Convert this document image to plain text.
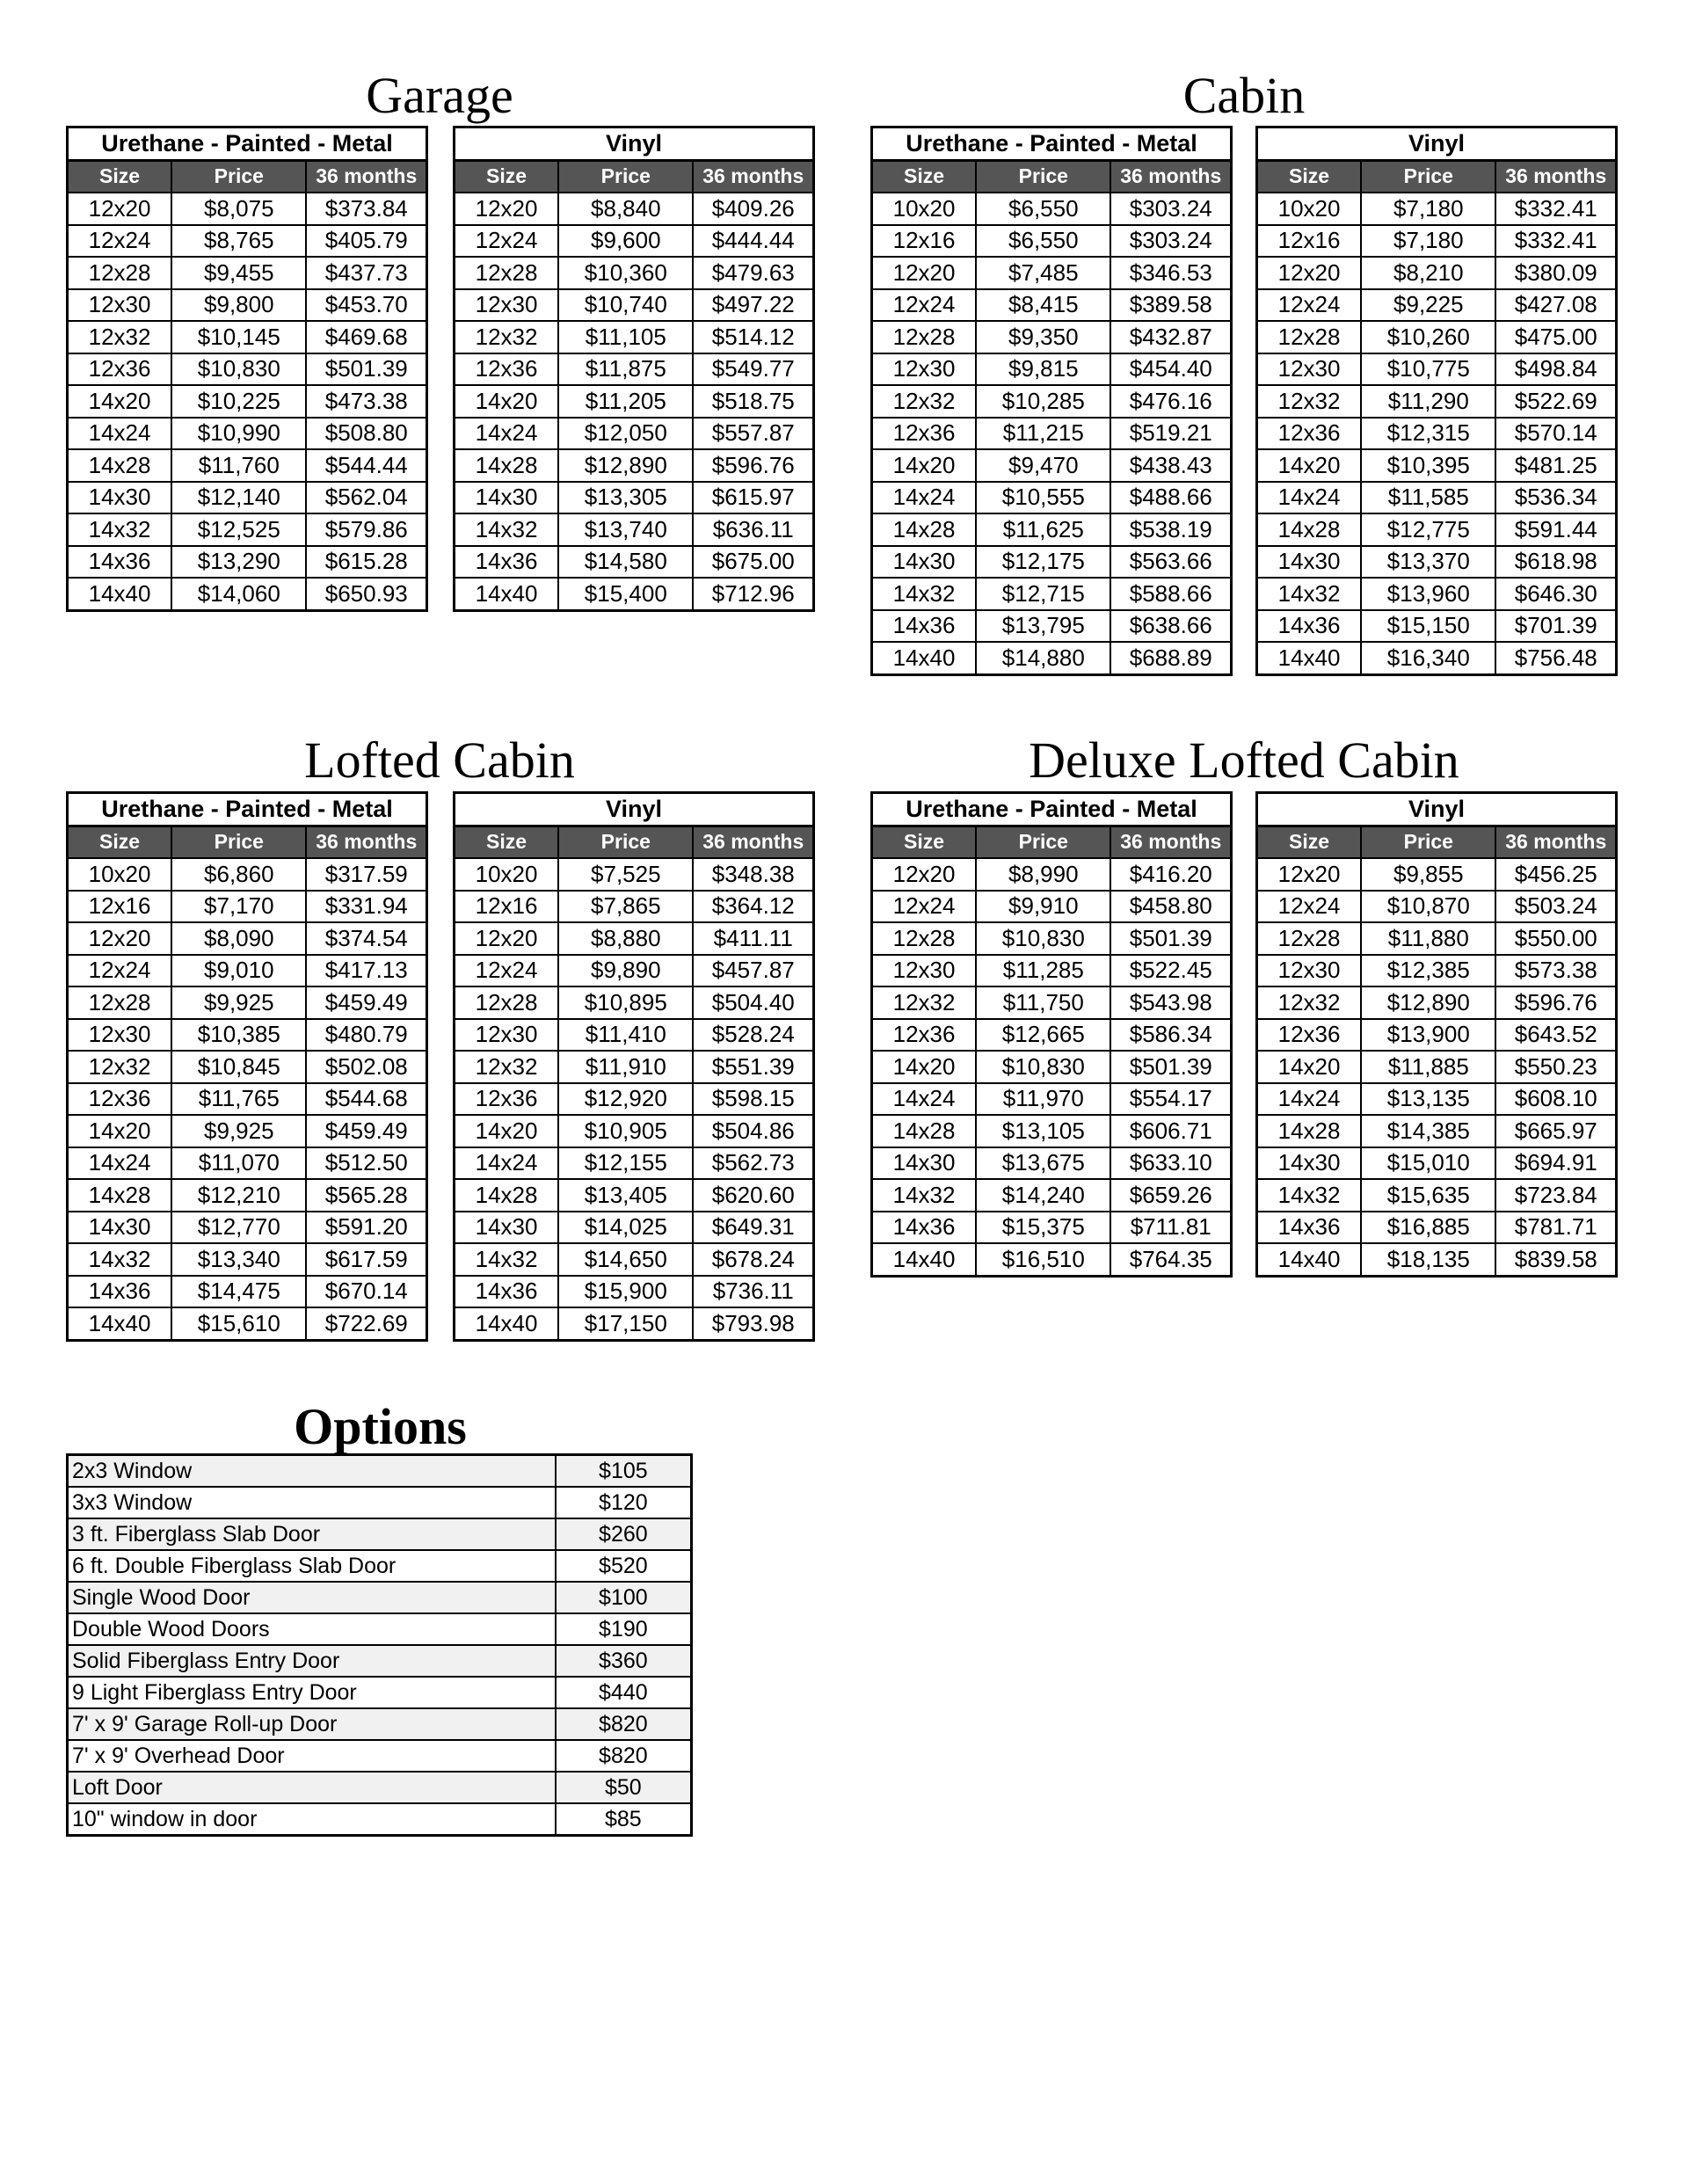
Garage	Cabin
Lofted Cabin	Deluxe Lofted Cabin
Options
Urethane - Painted - Metal		
Size	Price	36 months
12x20	$8,075	$373.84
12x24	$8,765	$405.79
12x28	$9,455	$437.73
12x30	$9,800	$453.70
12x32	$10,145	$469.68
12x36	$10,830	$501.39
14x20	$10,225	$473.38
14x24	$10,990	$508.80
14x28	$11,760	$544.44
14x30	$12,140	$562.04
14x32	$12,525	$579.86
14x36	$13,290	$615.28
14x40	$14,060	$650.93
Vinyl		
Size	Price	36 months
12x20	$8,840	$409.26
12x24	$9,600	$444.44
12x28	$10,360	$479.63
12x30	$10,740	$497.22
12x32	$11,105	$514.12
12x36	$11,875	$549.77
14x20	$11,205	$518.75
14x24	$12,050	$557.87
14x28	$12,890	$596.76
14x30	$13,305	$615.97
14x32	$13,740	$636.11
14x36	$14,580	$675.00
14x40	$15,400	$712.96
Urethane - Painted - Metal		
Size	Price	36 months
10x20	$6,550	$303.24
12x16	$6,550	$303.24
12x20	$7,485	$346.53
12x24	$8,415	$389.58
12x28	$9,350	$432.87
12x30	$9,815	$454.40
12x32	$10,285	$476.16
12x36	$11,215	$519.21
14x20	$9,470	$438.43
14x24	$10,555	$488.66
14x28	$11,625	$538.19
14x30	$12,175	$563.66
14x32	$12,715	$588.66
14x36	$13,795	$638.66
14x40	$14,880	$688.89
Vinyl		
Size	Price	36 months
10x20	$7,180	$332.41
12x16	$7,180	$332.41
12x20	$8,210	$380.09
12x24	$9,225	$427.08
12x28	$10,260	$475.00
12x30	$10,775	$498.84
12x32	$11,290	$522.69
12x36	$12,315	$570.14
14x20	$10,395	$481.25
14x24	$11,585	$536.34
14x28	$12,775	$591.44
14x30	$13,370	$618.98
14x32	$13,960	$646.30
14x36	$15,150	$701.39
14x40	$16,340	$756.48
Urethane - Painted - Metal		
Size	Price	36 months
10x20	$6,860	$317.59
12x16	$7,170	$331.94
12x20	$8,090	$374.54
12x24	$9,010	$417.13
12x28	$9,925	$459.49
12x30	$10,385	$480.79
12x32	$10,845	$502.08
12x36	$11,765	$544.68
14x20	$9,925	$459.49
14x24	$11,070	$512.50
14x28	$12,210	$565.28
14x30	$12,770	$591.20
14x32	$13,340	$617.59
14x36	$14,475	$670.14
14x40	$15,610	$722.69
Vinyl		
Size	Price	36 months
10x20	$7,525	$348.38
12x16	$7,865	$364.12
12x20	$8,880	$411.11
12x24	$9,890	$457.87
12x28	$10,895	$504.40
12x30	$11,410	$528.24
12x32	$11,910	$551.39
12x36	$12,920	$598.15
14x20	$10,905	$504.86
14x24	$12,155	$562.73
14x28	$13,405	$620.60
14x30	$14,025	$649.31
14x32	$14,650	$678.24
14x36	$15,900	$736.11
14x40	$17,150	$793.98
Urethane - Painted - Metal		
Size	Price	36 months
12x20	$8,990	$416.20
12x24	$9,910	$458.80
12x28	$10,830	$501.39
12x30	$11,285	$522.45
12x32	$11,750	$543.98
12x36	$12,665	$586.34
14x20	$10,830	$501.39
14x24	$11,970	$554.17
14x28	$13,105	$606.71
14x30	$13,675	$633.10
14x32	$14,240	$659.26
14x36	$15,375	$711.81
14x40	$16,510	$764.35
Vinyl		
Size	Price	36 months
12x20	$9,855	$456.25
12x24	$10,870	$503.24
12x28	$11,880	$550.00
12x30	$12,385	$573.38
12x32	$12,890	$596.76
12x36	$13,900	$643.52
14x20	$11,885	$550.23
14x24	$13,135	$608.10
14x28	$14,385	$665.97
14x30	$15,010	$694.91
14x32	$15,635	$723.84
14x36	$16,885	$781.71
14x40	$18,135	$839.58
2x3 Window	$105
3x3 Window	$120
3 ft. Fiberglass Slab Door	$260
6 ft. Double Fiberglass Slab Door	$520
Single Wood Door	$100
Double Wood Doors	$190
Solid Fiberglass Entry Door	$360
9 Light Fiberglass Entry Door	$440
7' x 9' Garage Roll-up Door	$820
7' x 9' Overhead Door	$820
Loft Door	$50
10" window in door	$85
